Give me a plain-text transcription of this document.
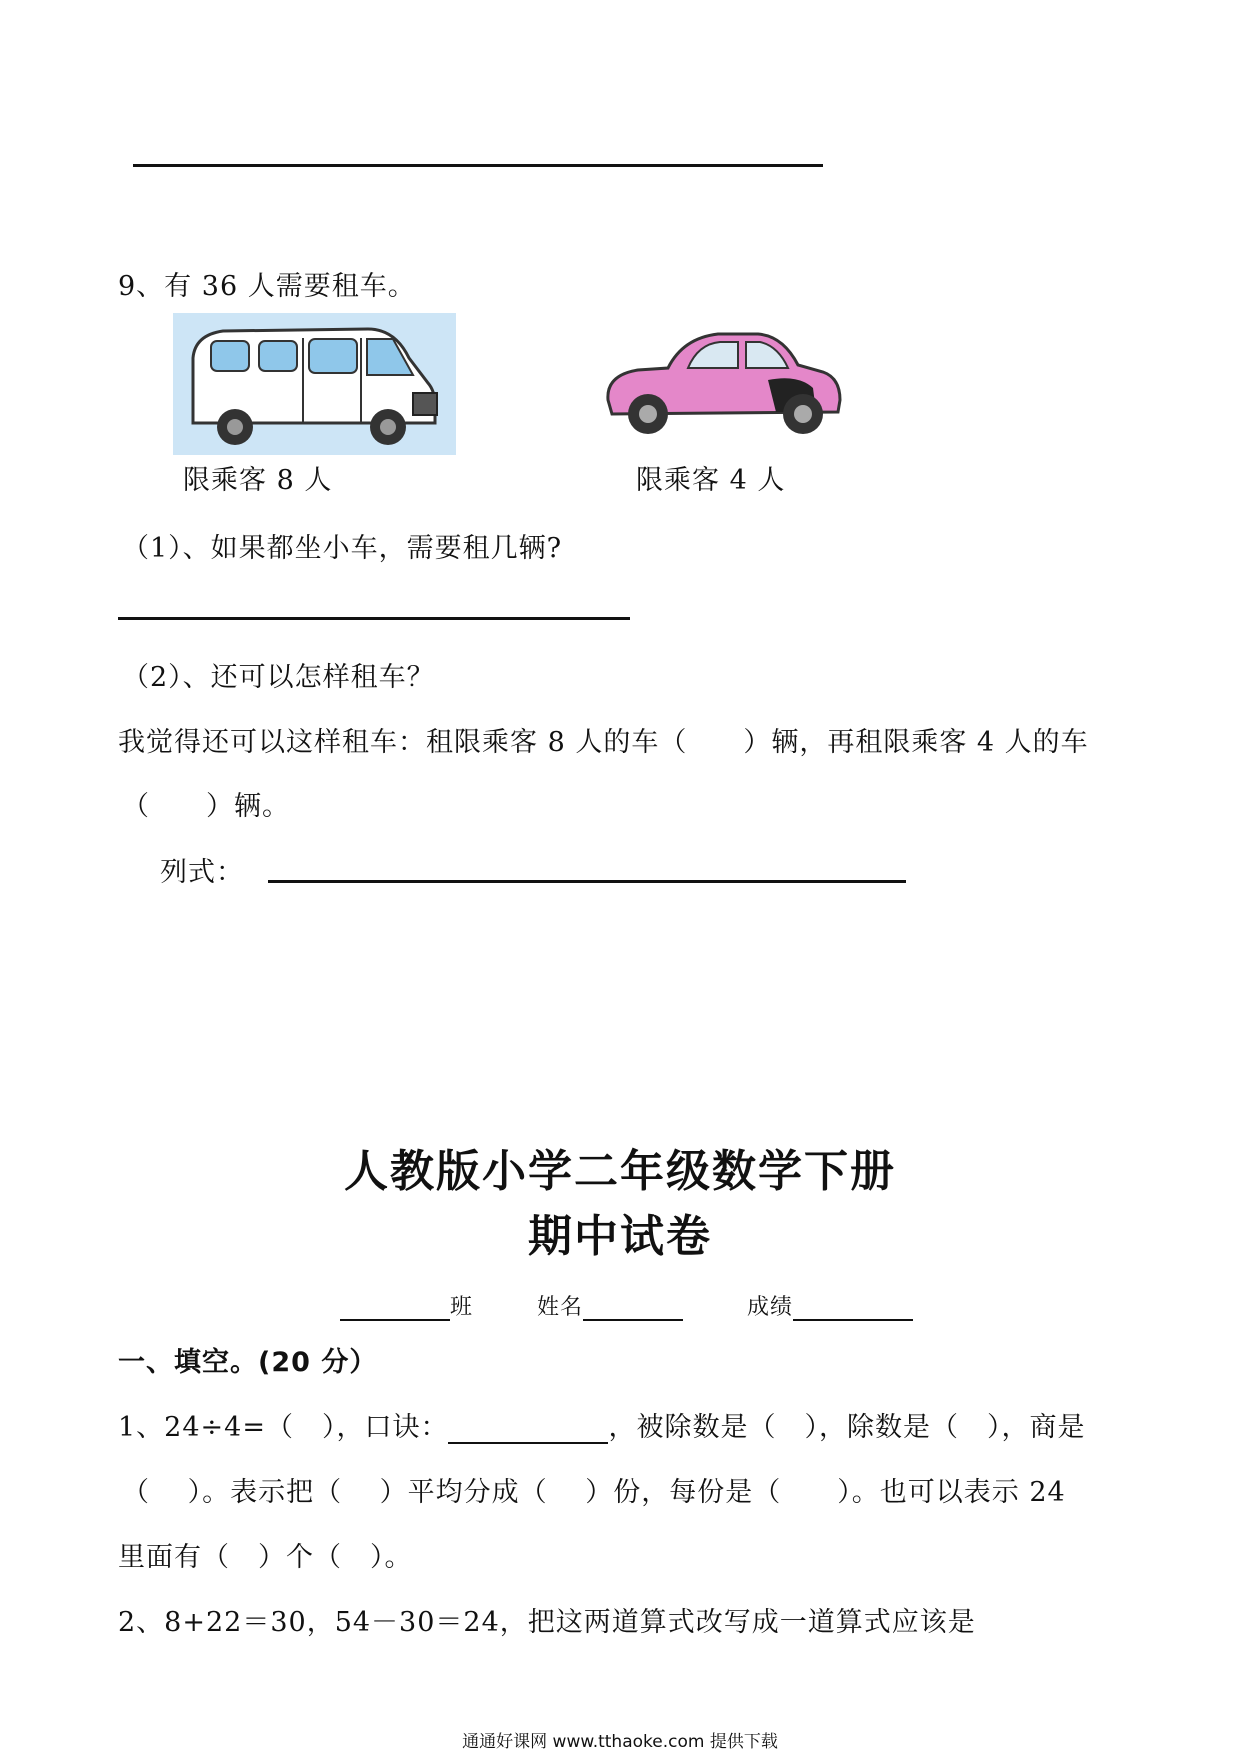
9、有 36 人需要租车。
限乘客 8 人	限乘客 4 人
（1）、如果都坐小车，需要租几辆?
（2）、还可以怎样租车？
我觉得还可以这样租车：租限乘客 8 人的车（　　）辆，再租限乘客 4 人的车
（　　）辆。
列式：
人教版小学二年级数学下册
期中试卷
班	姓名	成绩
一、填空。(20 分）
1、24÷4=（　），口诀：	，被除数是（　），除数是（　），商是
（　 ）。表示把（　 ）平均分成（　 ）份，每份是（　　）。也可以表示 24
里面有（　）个（　）。
2、8+22＝30，54－30＝24，把这两道算式改写成一道算式应该是
通通好课网 www.tthaoke.com 提供下载
